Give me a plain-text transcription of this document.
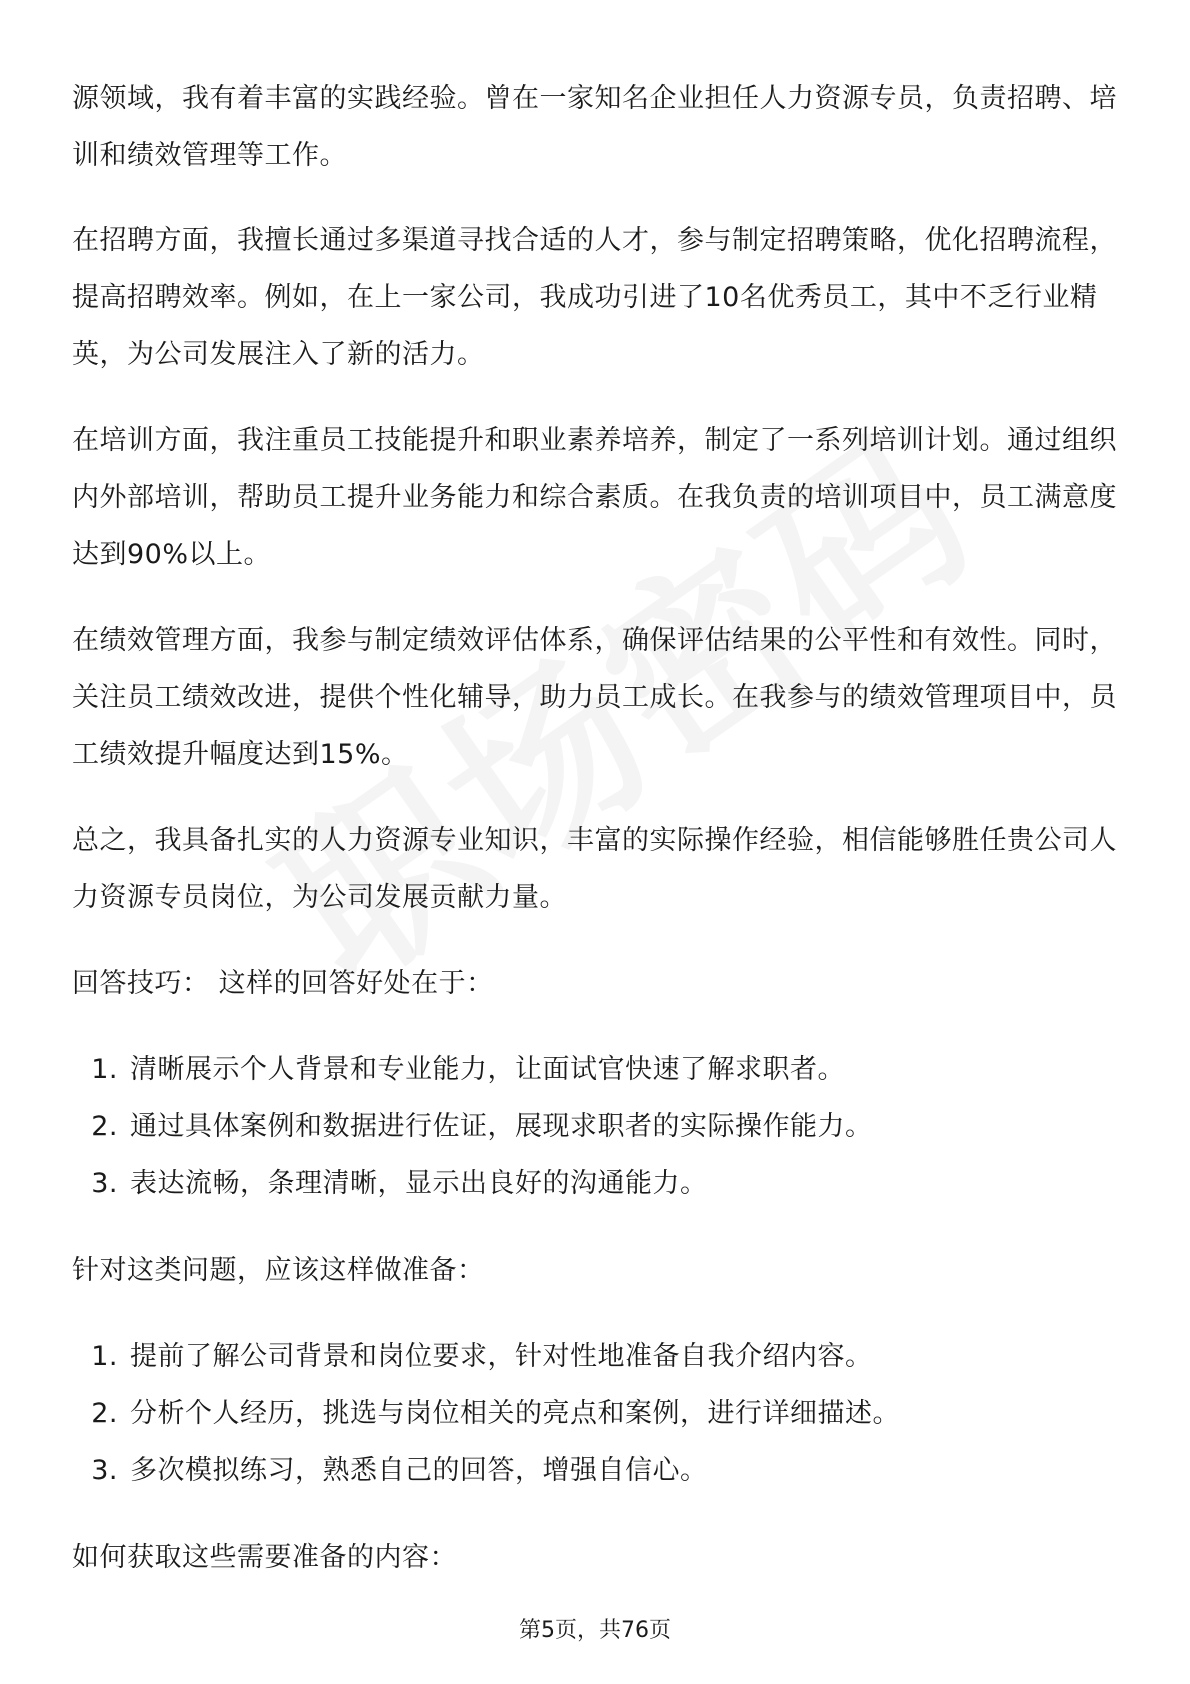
源领域，我有着丰富的实践经验。曾在一家知名企业担任人力资源专员，负责招聘、培训和绩效管理等工作。

在招聘方面，我擅长通过多渠道寻找合适的人才，参与制定招聘策略，优化招聘流程，提高招聘效率。例如，在上一家公司，我成功引进了10名优秀员工，其中不乏行业精英，为公司发展注入了新的活力。

在培训方面，我注重员工技能提升和职业素养培养，制定了一系列培训计划。通过组织内外部培训，帮助员工提升业务能力和综合素质。在我负责的培训项目中，员工满意度达到90%以上。

在绩效管理方面，我参与制定绩效评估体系，确保评估结果的公平性和有效性。同时，关注员工绩效改进，提供个性化辅导，助力员工成长。在我参与的绩效管理项目中，员工绩效提升幅度达到15%。

总之，我具备扎实的人力资源专业知识，丰富的实际操作经验，相信能够胜任贵公司人力资源专员岗位，为公司发展贡献力量。

回答技巧： 这样的回答好处在于：

1. 清晰展示个人背景和专业能力，让面试官快速了解求职者。
2. 通过具体案例和数据进行佐证，展现求职者的实际操作能力。
3. 表达流畅，条理清晰，显示出良好的沟通能力。

针对这类问题，应该这样做准备：

1. 提前了解公司背景和岗位要求，针对性地准备自我介绍内容。
2. 分析个人经历，挑选与岗位相关的亮点和案例，进行详细描述。
3. 多次模拟练习，熟悉自己的回答，增强自信心。

如何获取这些需要准备的内容：

第5页，共76页
